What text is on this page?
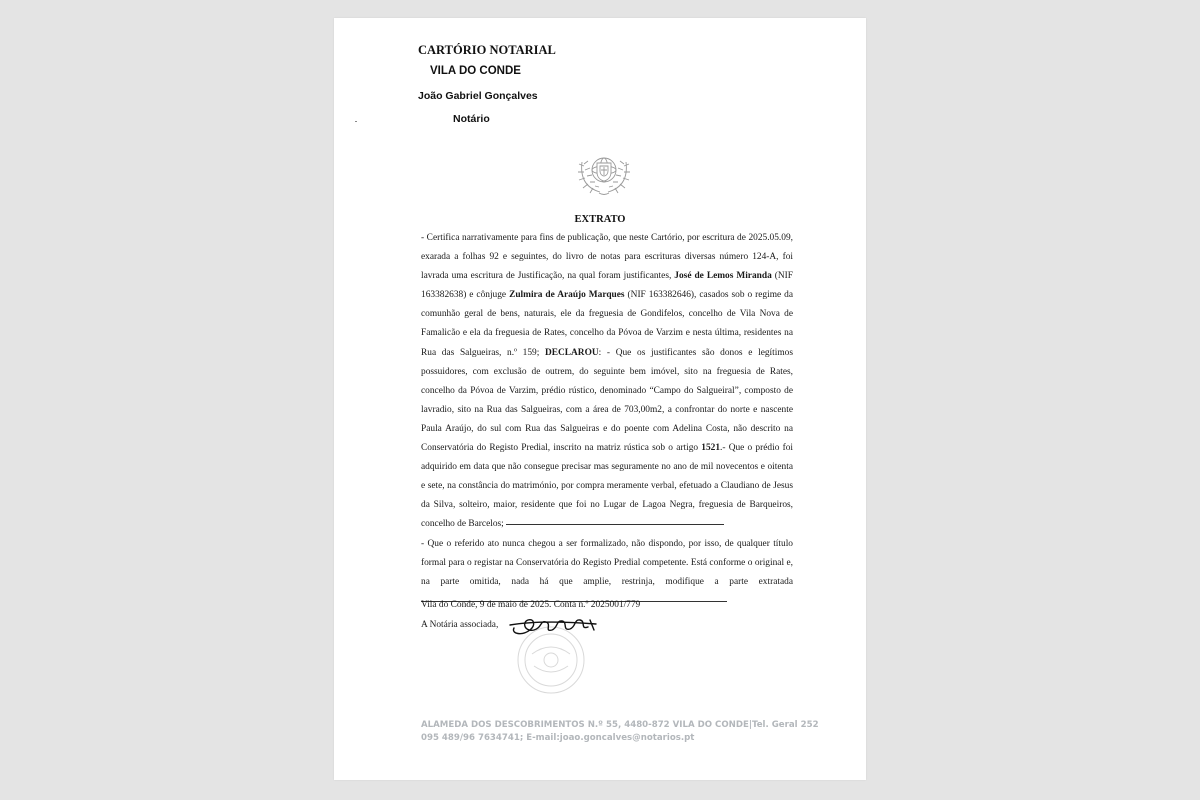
CARTÓRIO NOTARIAL
VILA DO CONDE
João Gabriel Gonçalves
Notário
EXTRATO

- Certifica narrativamente para fins de publicação, que neste Cartório, por escritura de 2025.05.09, exarada a folhas 92 e seguintes, do livro de notas para escrituras diversas número 124-A, foi lavrada uma escritura de Justificação, na qual foram justificantes, José de Lemos Miranda (NIF 163382638) e cônjuge Zulmira de Araújo Marques (NIF 163382646), casados sob o regime da comunhão geral de bens, naturais, ele da freguesia de Gondifelos, concelho de Vila Nova de Famalicão e ela da freguesia de Rates, concelho da Póvoa de Varzim e nesta última, residentes na Rua das Salgueiras, n.º 159; DECLAROU: - Que os justificantes são donos e legítimos possuidores, com exclusão de outrem, do seguinte bem imóvel, sito na freguesia de Rates, concelho da Póvoa de Varzim, prédio rústico, denominado “Campo do Salgueiral”, composto de lavradio, sito na Rua das Salgueiras, com a área de 703,00m2, a confrontar do norte e nascente Paula Araújo, do sul com Rua das Salgueiras e do poente com Adelina Costa, não descrito na Conservatória do Registo Predial, inscrito na matriz rústica sob o artigo 1521.- Que o prédio foi adquirido em data que não consegue precisar mas seguramente no ano de mil novecentos e oitenta e sete, na constância do matrimónio, por compra meramente verbal, efetuado a Claudiano de Jesus da Silva, solteiro, maior, residente que foi no Lugar de Lagoa Negra, freguesia de Barqueiros, concelho de Barcelos;

- Que o referido ato nunca chegou a ser formalizado, não dispondo, por isso, de qualquer título formal para o registar na Conservatória do Registo Predial competente. Está conforme o original e, na parte omitida, nada há que amplie, restrinja, modifique a parte extratada

Vila do Conde, 9 de maio de 2025. Conta n.º 2025001/779
A Notária associada,
ALAMEDA DOS DESCOBRIMENTOS N.º 55, 4480-872 VILA DO CONDE|Tel. Geral 252
095 489/96 7634741; E-mail:joao.goncalves@notarios.pt
